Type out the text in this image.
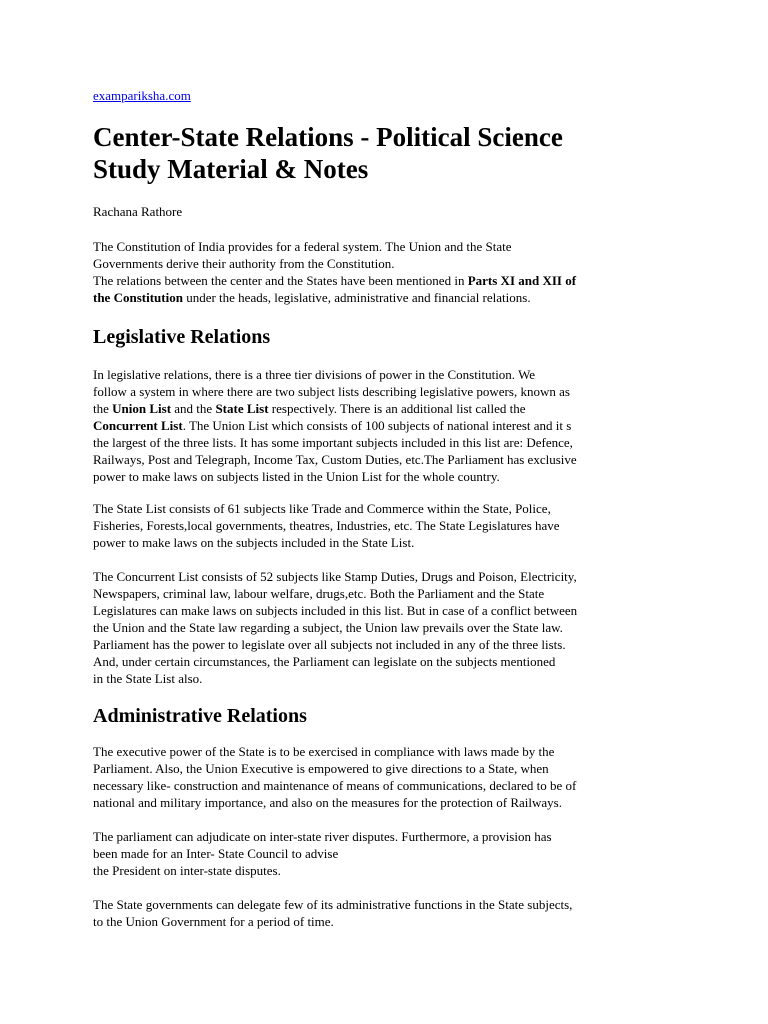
exampariksha.com
Center-State Relations - Political Science
Study Material & Notes
Rachana Rathore

The Constitution of India provides for a federal system. The Union and the State
Governments derive their authority from the Constitution.
The relations between the center and the States have been mentioned in Parts XI and XII of
the Constitution under the heads, legislative, administrative and financial relations.

Legislative Relations

In legislative relations, there is a three tier divisions of power in the Constitution. We
follow a system in where there are two subject lists describing legislative powers, known as
the Union List and the State List respectively. There is an additional list called the
Concurrent List. The Union List which consists of 100 subjects of national interest and it s
the largest of the three lists. It has some important subjects included in this list are: Defence,
Railways, Post and Telegraph, Income Tax, Custom Duties, etc.The Parliament has exclusive
power to make laws on subjects listed in the Union List for the whole country.

The State List consists of 61 subjects like Trade and Commerce within the State, Police,
Fisheries, Forests,local governments, theatres, Industries, etc. The State Legislatures have
power to make laws on the subjects included in the State List.

The Concurrent List consists of 52 subjects like Stamp Duties, Drugs and Poison, Electricity,
Newspapers, criminal law, labour welfare, drugs,etc. Both the Parliament and the State
Legislatures can make laws on subjects included in this list. But in case of a conflict between
the Union and the State law regarding a subject, the Union law prevails over the State law.
Parliament has the power to legislate over all subjects not included in any of the three lists.
And, under certain circumstances, the Parliament can legislate on the subjects mentioned
in the State List also.

Administrative Relations

The executive power of the State is to be exercised in compliance with laws made by the
Parliament. Also, the Union Executive is empowered to give directions to a State, when
necessary like- construction and maintenance of means of communications, declared to be of
national and military importance, and also on the measures for the protection of Railways.

The parliament can adjudicate on inter-state river disputes. Furthermore, a provision has
been made for an Inter- State Council to advise
the President on inter-state disputes.

The State governments can delegate few of its administrative functions in the State subjects,
to the Union Government for a period of time.
